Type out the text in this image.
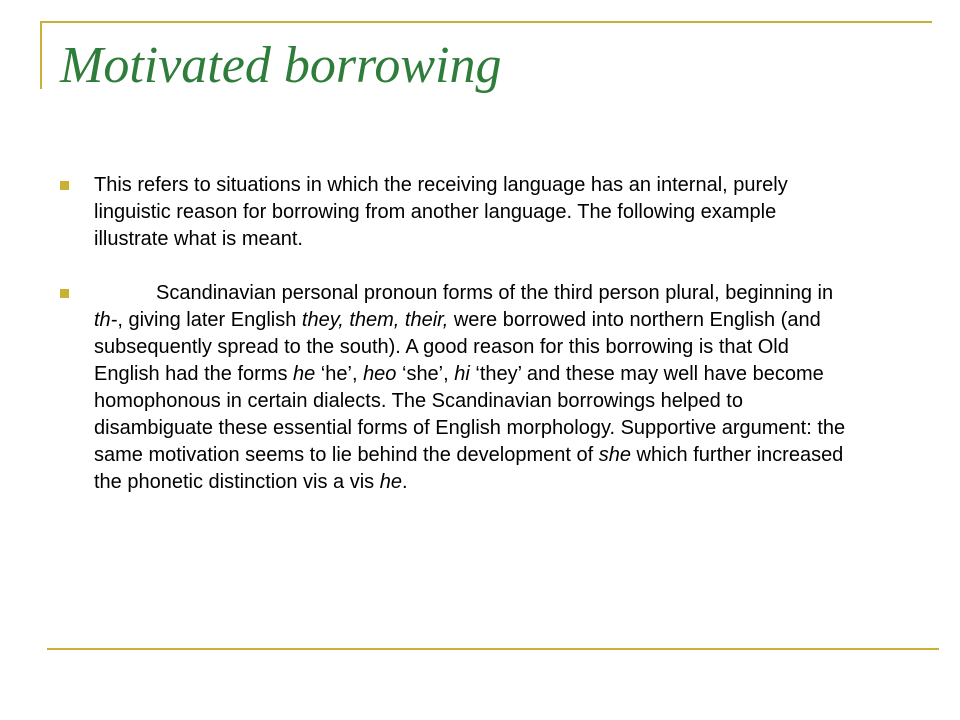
Motivated borrowing
This refers to situations in which the receiving language has an internal, purely linguistic reason for borrowing from another language. The following example illustrate what is meant.
Scandinavian personal pronoun forms of the third person plural, beginning in th-, giving later English they, them, their, were borrowed into northern English (and subsequently spread to the south). A good reason for this borrowing is that Old English had the forms he ‘he’, heo ‘she’, hi ‘they’ and these may well have become homophonous in certain dialects. The Scandinavian borrowings helped to disambiguate these essential forms of English morphology. Supportive argument: the same motivation seems to lie behind the development of she which further increased the phonetic distinction vis a vis he.
